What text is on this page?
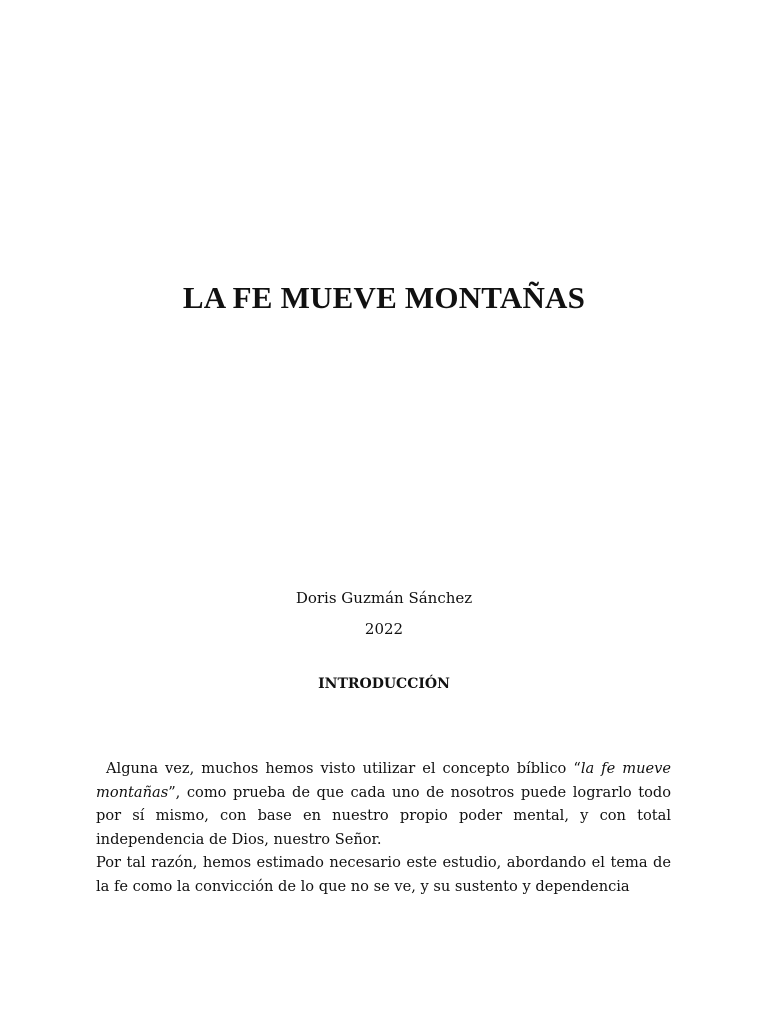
LA FE MUEVE MONTAÑAS
Doris Guzmán Sánchez
2022
INTRODUCCIÓN

Alguna vez, muchos hemos visto utilizar el concepto bíblico “la fe mueve montañas”, como prueba de que cada uno de nosotros puede lograrlo todo por sí mismo, con base en nuestro propio poder mental, y con total independencia de Dios, nuestro Señor.

Por tal razón, hemos estimado necesario este estudio, abordando el tema de la fe como la convicción de lo que no se ve, y su sustento y dependencia
